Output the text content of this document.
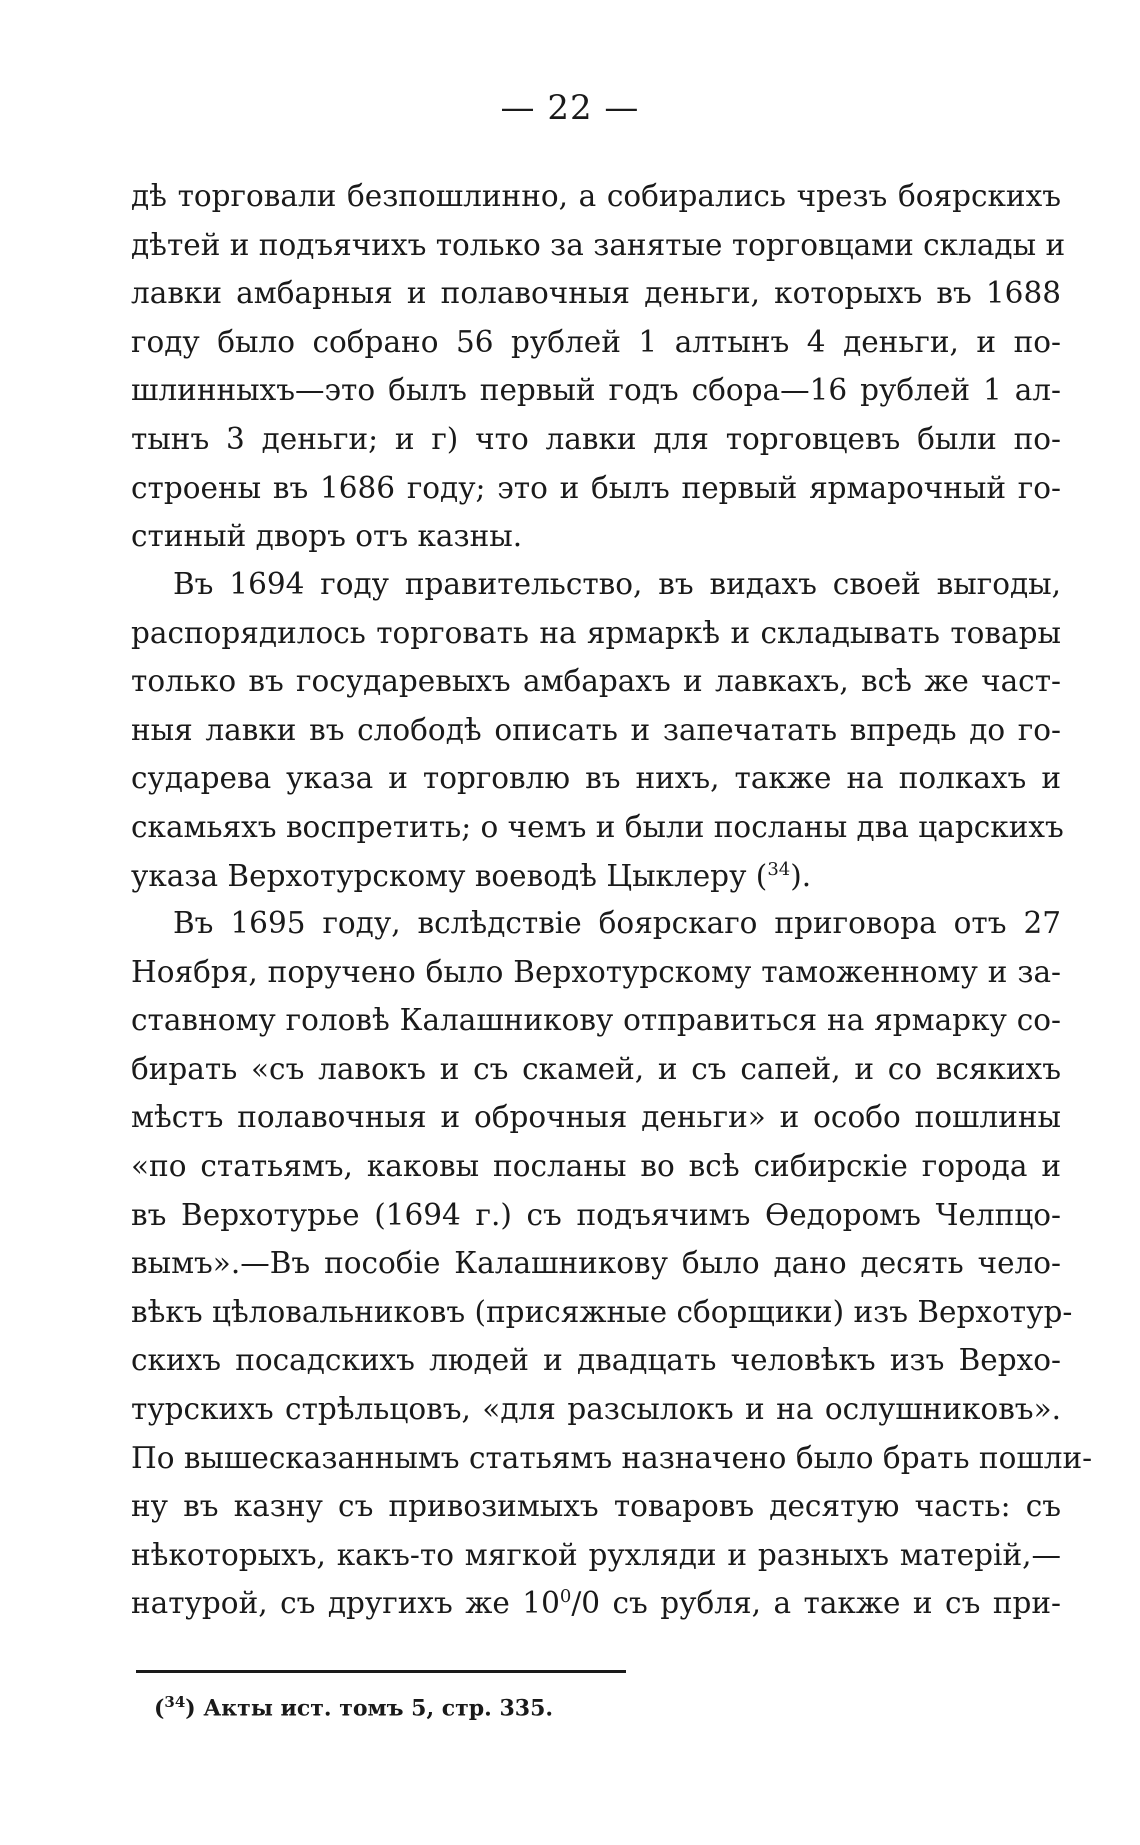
— 22 —
дѣ торговали безпошлинно, а собирались чрезъ боярскихъ
дѣтей и подъячихъ только за занятые торговцами склады и
лавки амбарныя и полавочныя деньги, которыхъ въ 1688
году было собрано 56 рублей 1 алтынъ 4 деньги, и по-
шлинныхъ—это былъ первый годъ сбора—16 рублей 1 ал-
тынъ 3 деньги; и г) что лавки для торговцевъ были по-
строены въ 1686 году; это и былъ первый ярмарочный го-
стиный дворъ отъ казны.
Въ 1694 году правительство, въ видахъ своей выгоды,
распорядилось торговать на ярмаркѣ и складывать товары
только въ государевыхъ амбарахъ и лавкахъ, всѣ же част-
ныя лавки въ слободѣ описать и запечатать впредь до го-
сударева указа и торговлю въ нихъ, также на полкахъ и
скамьяхъ воспретить; о чемъ и были посланы два царскихъ
указа Верхотурскому воеводѣ Цыклеру ($^{34}$).
Въ 1695 году, вслѣдствіе боярскаго приговора отъ 27
Ноября, поручено было Верхотурскому таможенному и за-
ставному головѣ Калашникову отправиться на ярмарку со-
бирать «съ лавокъ и съ скамей, и съ сапей, и со всякихъ
мѣстъ полавочныя и оброчныя деньги» и особо пошлины
«по статьямъ, каковы посланы во всѣ сибирскіе города и
въ Верхотурье (1694 г.) съ подъячимъ Ѳедоромъ Челпцо-
вымъ».—Въ пособіе Калашникову было дано десять чело-
вѣкъ цѣловальниковъ (присяжные сборщики) изъ Верхотур-
скихъ посадскихъ людей и двадцать человѣкъ изъ Верхо-
турскихъ стрѣльцовъ, «для разсылокъ и на ослушниковъ».
По вышесказаннымъ статьямъ назначено было брать пошли-
ну въ казну съ привозимыхъ товаровъ десятую часть: съ
нѣкоторыхъ, какъ-то мягкой рухляди и разныхъ матерій,—
натурой, съ другихъ же $10^0/0$ съ рубля, а также и съ при-
($^{34}$) Акты ист. томъ 5, стр. 335.
